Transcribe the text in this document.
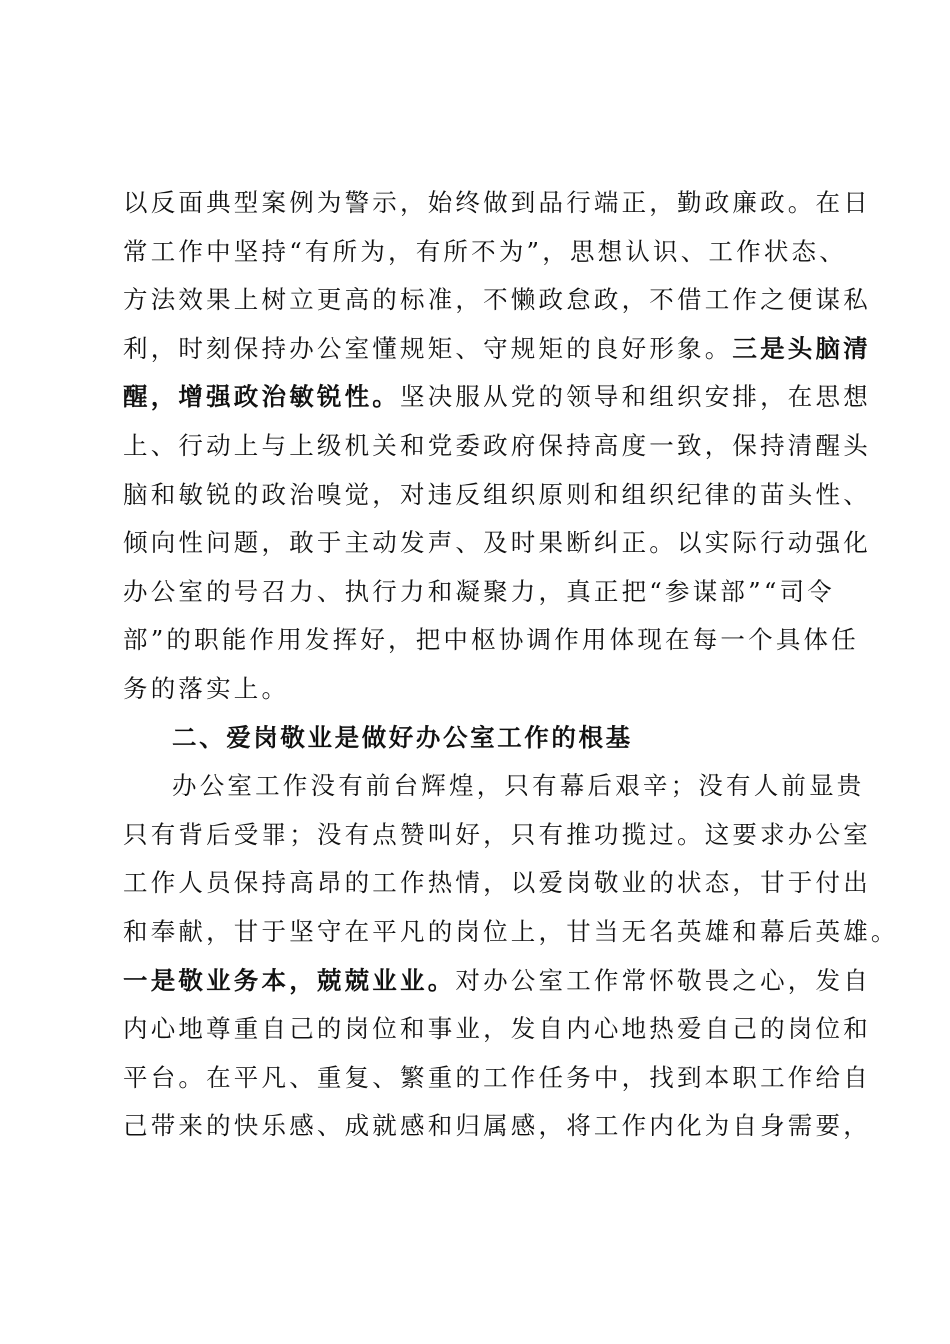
以反面典型案例为警示，始终做到品行端正，勤政廉政。在日
常工作中坚持“有所为，有所不为”，思想认识、工作状态、
方法效果上树立更高的标准，不懒政怠政，不借工作之便谋私
利，时刻保持办公室懂规矩、守规矩的良好形象。三是头脑清
醒，增强政治敏锐性。坚决服从党的领导和组织安排，在思想
上、行动上与上级机关和党委政府保持高度一致，保持清醒头
脑和敏锐的政治嗅觉，对违反组织原则和组织纪律的苗头性、
倾向性问题，敢于主动发声、及时果断纠正。以实际行动强化
办公室的号召力、执行力和凝聚力，真正把“参谋部”“司令
部”的职能作用发挥好，把中枢协调作用体现在每一个具体任
务的落实上。
二、爱岗敬业是做好办公室工作的根基
办公室工作没有前台辉煌，只有幕后艰辛；没有人前显贵
只有背后受罪；没有点赞叫好，只有推功揽过。这要求办公室
工作人员保持高昂的工作热情，以爱岗敬业的状态，甘于付出
和奉献，甘于坚守在平凡的岗位上，甘当无名英雄和幕后英雄。
一是敬业务本，兢兢业业。对办公室工作常怀敬畏之心，发自
内心地尊重自己的岗位和事业，发自内心地热爱自己的岗位和
平台。在平凡、重复、繁重的工作任务中，找到本职工作给自
己带来的快乐感、成就感和归属感，将工作内化为自身需要，
